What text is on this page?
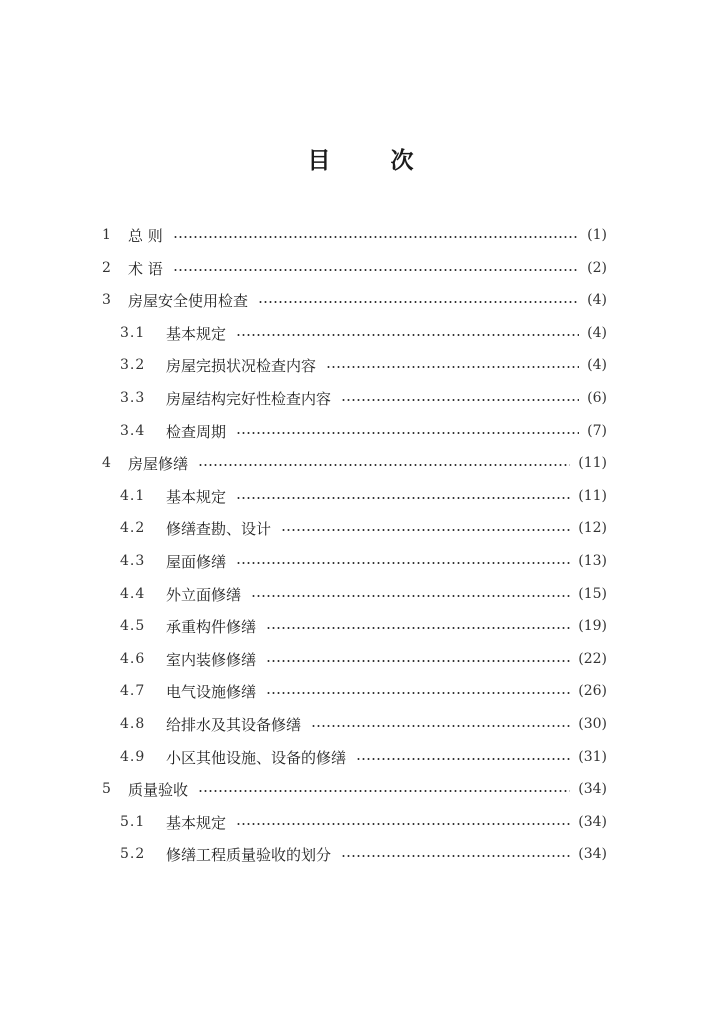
目 次
1 总 则	(1)
2 术 语	(2)
3 房屋安全使用检查	(4)
3.1 基本规定	(4)
3.2 房屋完损状况检查内容	(4)
3.3 房屋结构完好性检查内容	(6)
3.4 检查周期	(7)
4 房屋修缮	(11)
4.1 基本规定	(11)
4.2 修缮查勘、设计	(12)
4.3 屋面修缮	(13)
4.4 外立面修缮	(15)
4.5 承重构件修缮	(19)
4.6 室内装修修缮	(22)
4.7 电气设施修缮	(26)
4.8 给排水及其设备修缮	(30)
4.9 小区其他设施、设备的修缮	(31)
5 质量验收	(34)
5.1 基本规定	(34)
5.2 修缮工程质量验收的划分	(34)
